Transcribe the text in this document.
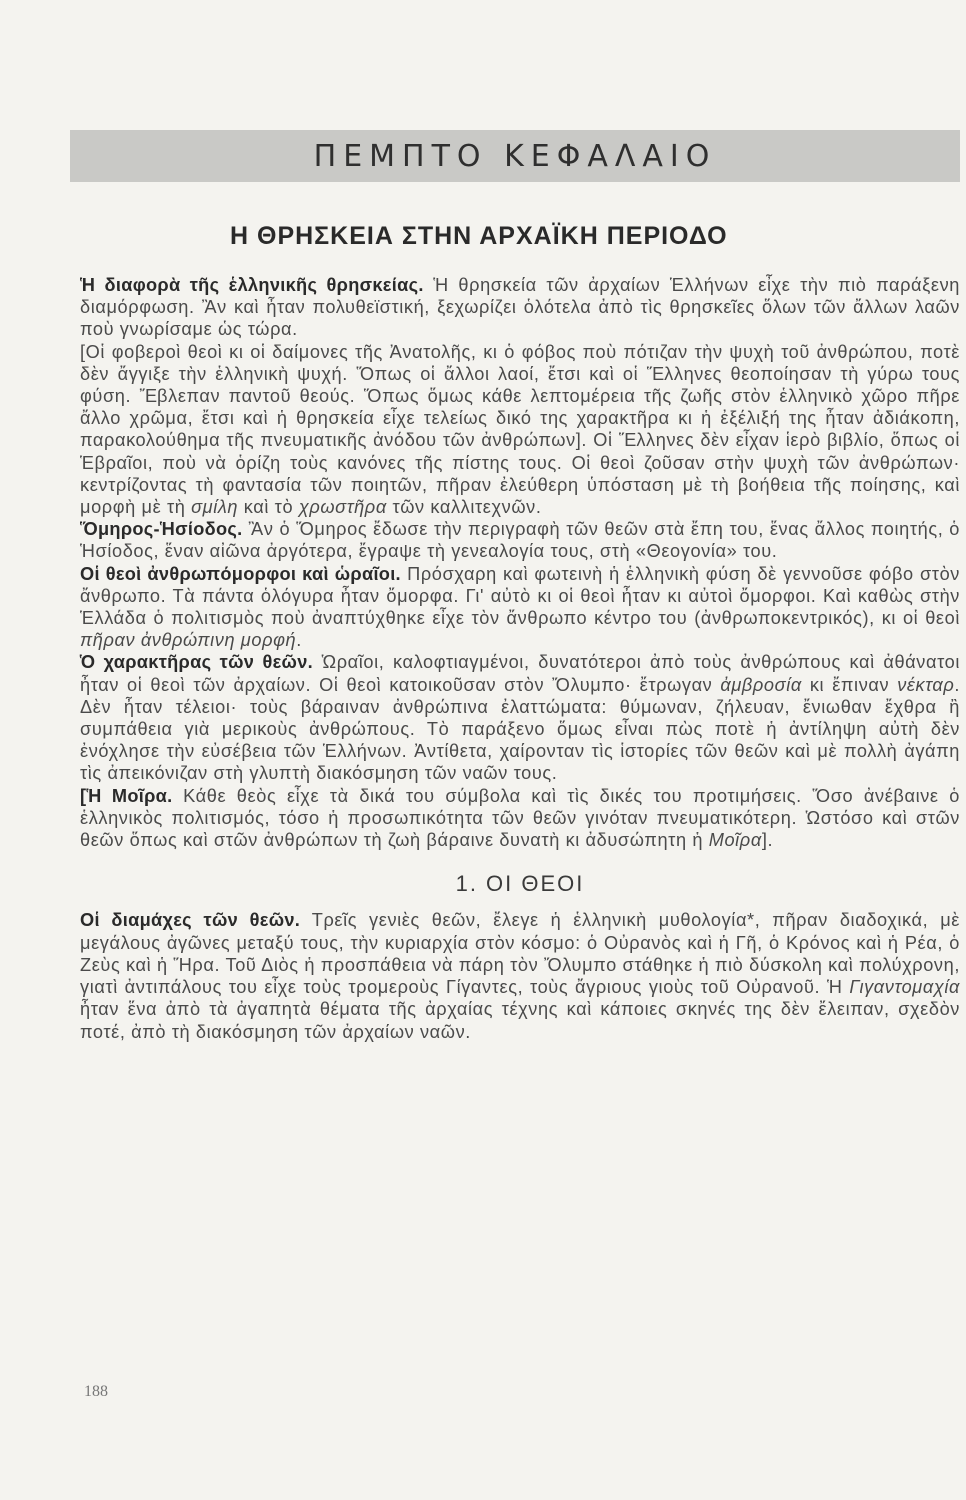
ΠΕΜΠΤΟ ΚΕΦΑΛΑΙΟ
Η ΘΡΗΣΚΕΙΑ ΣΤΗΝ ΑΡΧΑΪΚΗ ΠΕΡΙΟΔΟ

Ἡ διαφορὰ τῆς ἑλληνικῆς θρησκείας. Ἡ θρησκεία τῶν ἀρχαίων Ἑλλήνων εἶχε τὴν πιὸ παράξενη διαμόρφωση. Ἂν καὶ ἦταν πολυθεϊστική, ξεχωρίζει ὁλότελα ἀπὸ τὶς θρησκεῖες ὅλων τῶν ἄλλων λαῶν ποὺ γνωρίσαμε ὡς τώρα.

[Οἱ φοβεροὶ θεοὶ κι οἱ δαίμονες τῆς Ἀνατολῆς, κι ὁ φόβος ποὺ πότιζαν τὴν ψυχὴ τοῦ ἀνθρώπου, ποτὲ δὲν ἄγγιξε τὴν ἑλληνικὴ ψυχή. Ὅπως οἱ ἄλλοι λαοί, ἔτσι καὶ οἱ Ἕλληνες θεοποίησαν τὴ γύρω τους φύση. Ἔβλεπαν παντοῦ θεούς. Ὅπως ὅμως κάθε λεπτομέρεια τῆς ζωῆς στὸν ἑλληνικὸ χῶρο πῆρε ἄλλο χρῶμα, ἔτσι καὶ ἡ θρησκεία εἶχε τελείως δικό της χαρακτῆρα κι ἡ ἐξέλιξή της ἦταν ἀδιάκοπη, παρακολούθημα τῆς πνευματικῆς ἀνόδου τῶν ἀνθρώπων]. Οἱ Ἕλληνες δὲν εἶχαν ἱερὸ βιβλίο, ὅπως οἱ Ἑβραῖοι, ποὺ νὰ ὁρίζη τοὺς κανόνες τῆς πίστης τους. Οἱ θεοὶ ζοῦσαν στὴν ψυχὴ τῶν ἀνθρώπων· κεντρίζοντας τὴ φαντασία τῶν ποιητῶν, πῆραν ἐλεύθερη ὑπόσταση μὲ τὴ βοήθεια τῆς ποίησης, καὶ μορφὴ μὲ τὴ σμίλη καὶ τὸ χρωστῆρα τῶν καλλιτεχνῶν.

Ὅμηρος-Ἡσίοδος. Ἂν ὁ Ὅμηρος ἔδωσε τὴν περιγραφὴ τῶν θεῶν στὰ ἔπη του, ἕνας ἄλλος ποιητής, ὁ Ἡσίοδος, ἕναν αἰῶνα ἀργότερα, ἔγραψε τὴ γενεαλογία τους, στὴ «Θεογονία» του.

Οἱ θεοὶ ἀνθρωπόμορφοι καὶ ὡραῖοι. Πρόσχαρη καὶ φωτεινὴ ἡ ἑλληνικὴ φύση δὲ γεννοῦσε φόβο στὸν ἄνθρωπο. Τὰ πάντα ὁλόγυρα ἦταν ὄμορφα. Γι' αὐτὸ κι οἱ θεοὶ ἦταν κι αὐτοὶ ὄμορφοι. Καὶ καθὼς στὴν Ἑλλάδα ὁ πολιτισμὸς ποὺ ἀναπτύχθηκε εἶχε τὸν ἄνθρωπο κέντρο του (ἀνθρωποκεντρικός), κι οἱ θεοὶ πῆραν ἀνθρώπινη μορφή.

Ὁ χαρακτῆρας τῶν θεῶν. Ὡραῖοι, καλοφτιαγμένοι, δυνατότεροι ἀπὸ τοὺς ἀνθρώπους καὶ ἀθάνατοι ἦταν οἱ θεοὶ τῶν ἀρχαίων. Οἱ θεοὶ κατοικοῦσαν στὸν Ὄλυμπο· ἔτρωγαν ἀμβροσία κι ἔπιναν νέκταρ. Δὲν ἦταν τέλειοι· τοὺς βάραιναν ἀνθρώπινα ἐλαττώματα: θύμωναν, ζήλευαν, ἔνιωθαν ἔχθρα ἢ συμπάθεια γιὰ μερικοὺς ἀνθρώπους. Τὸ παράξενο ὅμως εἶναι πὼς ποτὲ ἡ ἀντίληψη αὐτὴ δὲν ἐνόχλησε τὴν εὐσέβεια τῶν Ἑλλήνων. Ἀντίθετα, χαίρονταν τὶς ἱστορίες τῶν θεῶν καὶ μὲ πολλὴ ἀγάπη τὶς ἀπεικόνιζαν στὴ γλυπτὴ διακόσμηση τῶν ναῶν τους.

[Ἡ Μοῖρα. Κάθε θεὸς εἶχε τὰ δικά του σύμβολα καὶ τὶς δικές του προτιμήσεις. Ὅσο ἀνέβαινε ὁ ἑλληνικὸς πολιτισμός, τόσο ἡ προσωπικότητα τῶν θεῶν γινόταν πνευματικότερη. Ὡστόσο καὶ στῶν θεῶν ὅπως καὶ στῶν ἀνθρώπων τὴ ζωὴ βάραινε δυνατὴ κι ἀδυσώπητη ἡ Μοῖρα].

1. ΟΙ ΘΕΟΙ

Οἱ διαμάχες τῶν θεῶν. Τρεῖς γενιὲς θεῶν, ἔλεγε ἡ ἑλληνικὴ μυθολογία*, πῆραν διαδοχικά, μὲ μεγάλους ἀγῶνες μεταξύ τους, τὴν κυριαρχία στὸν κόσμο: ὁ Οὐρανὸς καὶ ἡ Γῆ, ὁ Κρόνος καὶ ἡ Ρέα, ὁ Ζεὺς καὶ ἡ Ἥρα. Τοῦ Διὸς ἡ προσπάθεια νὰ πάρη τὸν Ὄλυμπο στάθηκε ἡ πιὸ δύσκολη καὶ πολύχρονη, γιατὶ ἀντιπάλους του εἶχε τοὺς τρομεροὺς Γίγαντες, τοὺς ἄγριους γιοὺς τοῦ Οὐρανοῦ. Ἡ Γιγαντομαχία ἦταν ἕνα ἀπὸ τὰ ἀγαπητὰ θέματα τῆς ἀρχαίας τέχνης καὶ κάποιες σκηνές της δὲν ἔλειπαν, σχεδὸν ποτέ, ἀπὸ τὴ διακόσμηση τῶν ἀρχαίων ναῶν.

188
